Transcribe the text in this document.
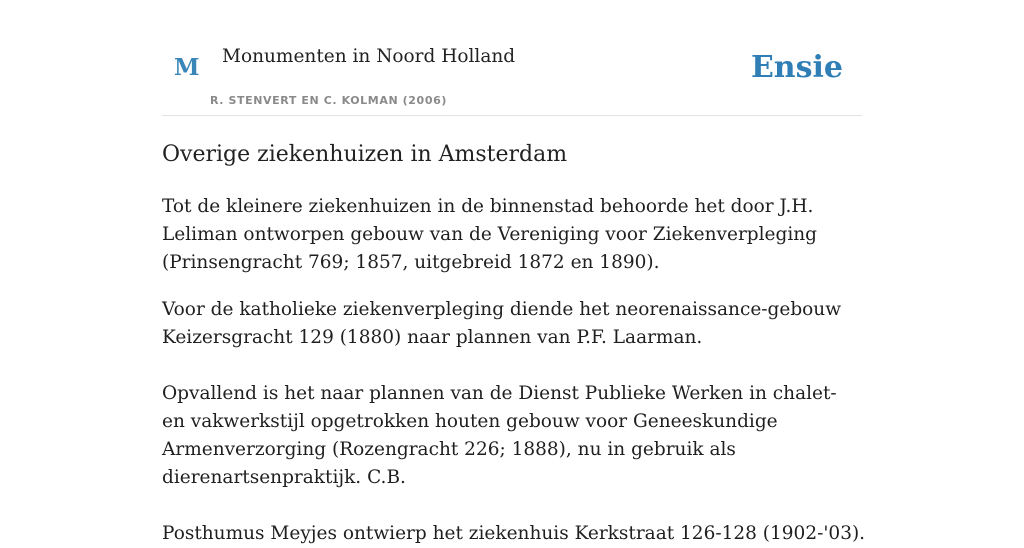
M Monumenten in Noord Holland
R. STENVERT EN C. KOLMAN (2006)
Ensie
Overige ziekenhuizen in Amsterdam

Tot de kleinere ziekenhuizen in de binnenstad behoorde het door J.H. Leliman ontworpen gebouw van de Vereniging voor Ziekenverpleging (Prinsengracht 769; 1857, uitgebreid 1872 en 1890).

Voor de katholieke ziekenverpleging diende het neorenaissance-gebouw Keizersgracht 129 (1880) naar plannen van P.F. Laarman.

Opvallend is het naar plannen van de Dienst Publieke Werken in chalet- en vakwerkstijl opgetrokken houten gebouw voor Geneeskundige Armenverzorging (Rozengracht 226; 1888), nu in gebruik als dierenartsenpraktijk. C.B.

Posthumus Meyjes ontwierp het ziekenhuis Kerkstraat 126-128 (1902-'03).
